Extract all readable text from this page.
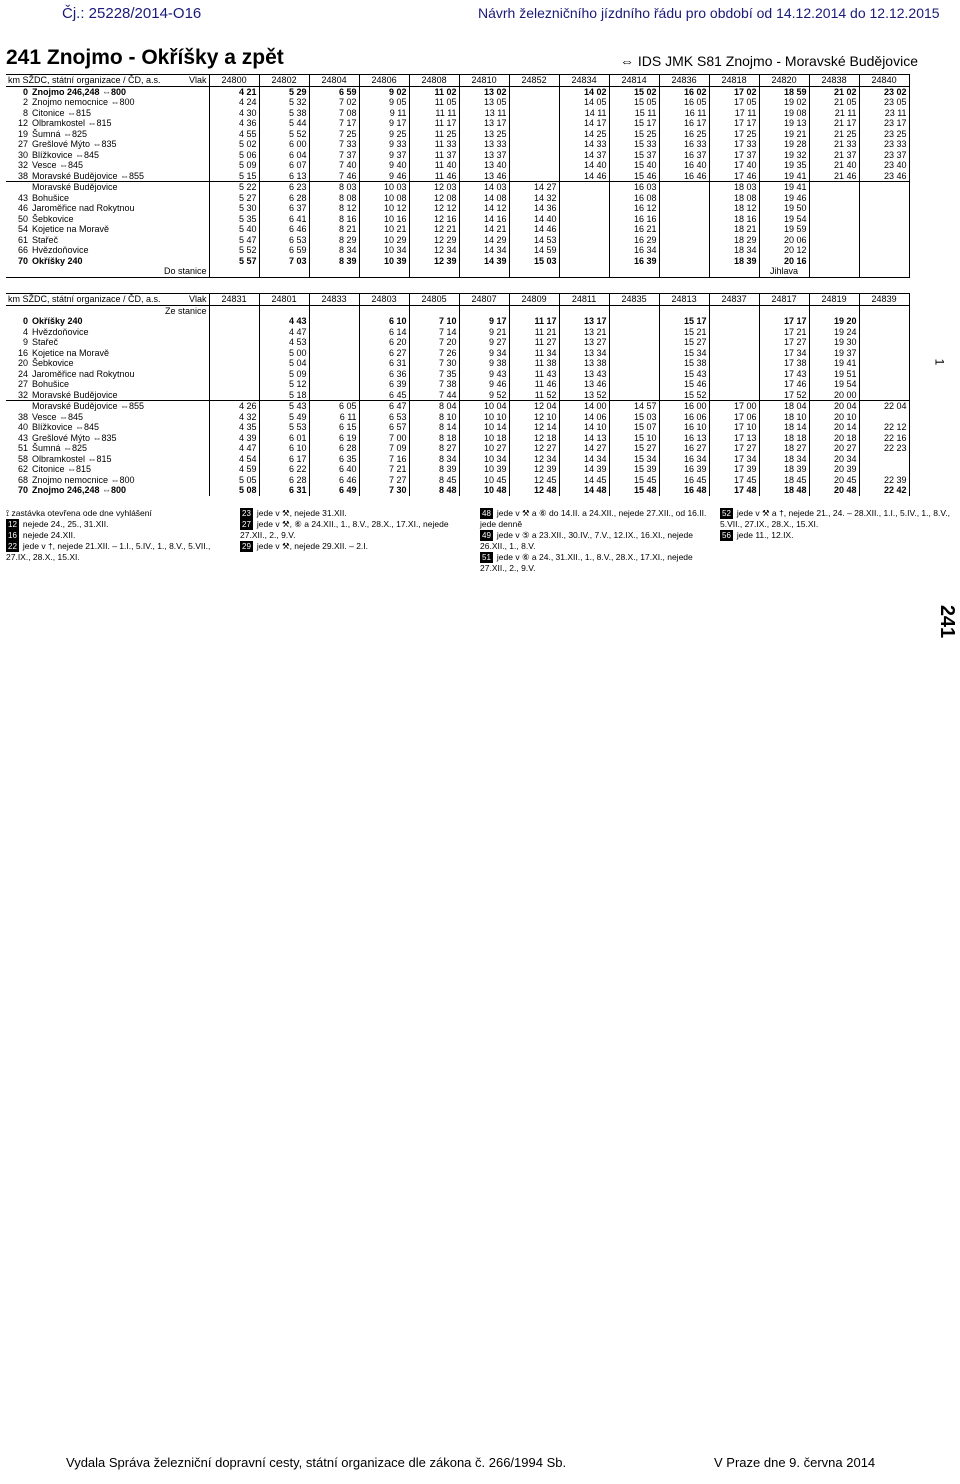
Čj.: 25228/2014-O16	Návrh železničního jízdního řádu pro období od 14.12.2014 do 12.12.2015
241 Znojmo - Okříšky a zpět	⇔ IDS JMK S81 Znojmo - Moravské Budějovice
km SŽDC, státní organizace / ČD, a.s.		Vlak	24800	24802	24804	24806	24808	24810	24852	24834	24814	24836	24818	24820	24838	24840
0	Znojmo 246,248 ⇔800		4 21	5 29	6 59	9 02	11 02	13 02		14 02	15 02	16 02	17 02	18 59	21 02	23 02
2	Znojmo nemocnice ⇔800		4 24	5 32	7 02	9 05	11 05	13 05		14 05	15 05	16 05	17 05	19 02	21 05	23 05
8	Citonice ⇔815		4 30	5 38	7 08	9 11	11 11	13 11		14 11	15 11	16 11	17 11	19 08	21 11	23 11
12	Olbramkostel ⇔815		4 36	5 44	7 17	9 17	11 17	13 17		14 17	15 17	16 17	17 17	19 13	21 17	23 17
19	Šumná ⇔825		4 55	5 52	7 25	9 25	11 25	13 25		14 25	15 25	16 25	17 25	19 21	21 25	23 25
27	Grešlové Mýto ⇔835		5 02	6 00	7 33	9 33	11 33	13 33		14 33	15 33	16 33	17 33	19 28	21 33	23 33
30	Blížkovice ⇔845		5 06	6 04	7 37	9 37	11 37	13 37		14 37	15 37	16 37	17 37	19 32	21 37	23 37
32	Vesce ⇔845		5 09	6 07	7 40	9 40	11 40	13 40		14 40	15 40	16 40	17 40	19 35	21 40	23 40
38	Moravské Budějovice ⇔855		5 15	6 13	7 46	9 46	11 46	13 46		14 46	15 46	16 46	17 46	19 41	21 46	23 46
	Moravské Budějovice		5 22	6 23	8 03	10 03	12 03	14 03	14 27		16 03		18 03	19 41		
43	Bohušice		5 27	6 28	8 08	10 08	12 08	14 08	14 32		16 08		18 08	19 46		
46	Jaroměřice nad Rokytnou		5 30	6 37	8 12	10 12	12 12	14 12	14 36		16 12		18 12	19 50		
50	Šebkovice		5 35	6 41	8 16	10 16	12 16	14 16	14 40		16 16		18 16	19 54		
54	Kojetice na Moravě		5 40	6 46	8 21	10 21	12 21	14 21	14 46		16 21		18 21	19 59		
61	Stařeč		5 47	6 53	8 29	10 29	12 29	14 29	14 53		16 29		18 29	20 06		
66	Hvězdoňovice		5 52	6 59	8 34	10 34	12 34	14 34	14 59		16 34		18 34	20 12		
70	Okříšky 240		5 57	7 03	8 39	10 39	12 39	14 39	15 03		16 39		18 39	20 16		
	Do stanice													Jihlava		
km SŽDC, státní organizace / ČD, a.s.		Vlak	24831	24801	24833	24803	24805	24807	24809	24811	24835	24813	24837	24817	24819	24839
	Ze stanice															
0	Okříšky 240			4 43		6 10	7 10	9 17	11 17	13 17		15 17		17 17	19 20	
4	Hvězdoňovice			4 47		6 14	7 14	9 21	11 21	13 21		15 21		17 21	19 24	
9	Stařeč			4 53		6 20	7 20	9 27	11 27	13 27		15 27		17 27	19 30	
16	Kojetice na Moravě			5 00		6 27	7 26	9 34	11 34	13 34		15 34		17 34	19 37	
20	Šebkovice			5 04		6 31	7 30	9 38	11 38	13 38		15 38		17 38	19 41	
24	Jaroměřice nad Rokytnou			5 09		6 36	7 35	9 43	11 43	13 43		15 43		17 43	19 51	
27	Bohušice			5 12		6 39	7 38	9 46	11 46	13 46		15 46		17 46	19 54	
32	Moravské Budějovice			5 18		6 45	7 44	9 52	11 52	13 52		15 52		17 52	20 00	
	Moravské Budějovice ⇔855		4 26	5 43	6 05	6 47	8 04	10 04	12 04	14 00	14 57	16 00	17 00	18 04	20 04	22 04
38	Vesce ⇔845		4 32	5 49	6 11	6 53	8 10	10 10	12 10	14 06	15 03	16 06	17 06	18 10	20 10	
40	Blížkovice ⇔845		4 35	5 53	6 15	6 57	8 14	10 14	12 14	14 10	15 07	16 10	17 10	18 14	20 14	22 12
43	Grešlové Mýto ⇔835		4 39	6 01	6 19	7 00	8 18	10 18	12 18	14 13	15 10	16 13	17 13	18 18	20 18	22 16
51	Šumná ⇔825		4 47	6 10	6 28	7 09	8 27	10 27	12 27	14 27	15 27	16 27	17 27	18 27	20 27	22 23
58	Olbramkostel ⇔815		4 54	6 17	6 35	7 16	8 34	10 34	12 34	14 34	15 34	16 34	17 34	18 34	20 34	
62	Citonice ⇔815		4 59	6 22	6 40	7 21	8 39	10 39	12 39	14 39	15 39	16 39	17 39	18 39	20 39	
68	Znojmo nemocnice ⇔800		5 05	6 28	6 46	7 27	8 45	10 45	12 45	14 45	15 45	16 45	17 45	18 45	20 45	22 39
70	Znojmo 246,248 ⇔800		5 08	6 31	6 49	7 30	8 48	10 48	12 48	14 48	15 48	16 48	17 48	18 48	20 48	22 42
⟟ zastávka otevřena ode dne vyhlášení
12 nejede 24., 25., 31.XII.
16 nejede 24.XII.
22 jede v †, nejede 21.XII. – 1.I., 5.IV., 1., 8.V., 5.VII., 27.IX., 28.X., 15.XI.
23 jede v ⚒, nejede 31.XII.
27 jede v ⚒, ⑥ a 24.XII., 1., 8.V., 28.X., 17.XI., nejede 27.XII., 2., 9.V.
29 jede v ⚒, nejede 29.XII. – 2.I.
48 jede v ⚒ a ⑥ do 14.II. a 24.XII., nejede 27.XII., od 16.II. jede denně
49 jede v ⑤ a 23.XII., 30.IV., 7.V., 12.IX., 16.XI., nejede 26.XII., 1., 8.V.
51 jede v ⑥ a 24., 31.XII., 1., 8.V., 28.X., 17.XI., nejede 27.XII., 2., 9.V.
52 jede v ⚒ a †, nejede 21., 24. – 28.XII., 1.I., 5.IV., 1., 8.V., 5.VII., 27.IX., 28.X., 15.XI.
56 jede 11., 12.IX.
241
1
Vydala Správa železniční dopravní cesty, státní organizace dle zákona č. 266/1994 Sb.	V Praze dne 9. června 2014
